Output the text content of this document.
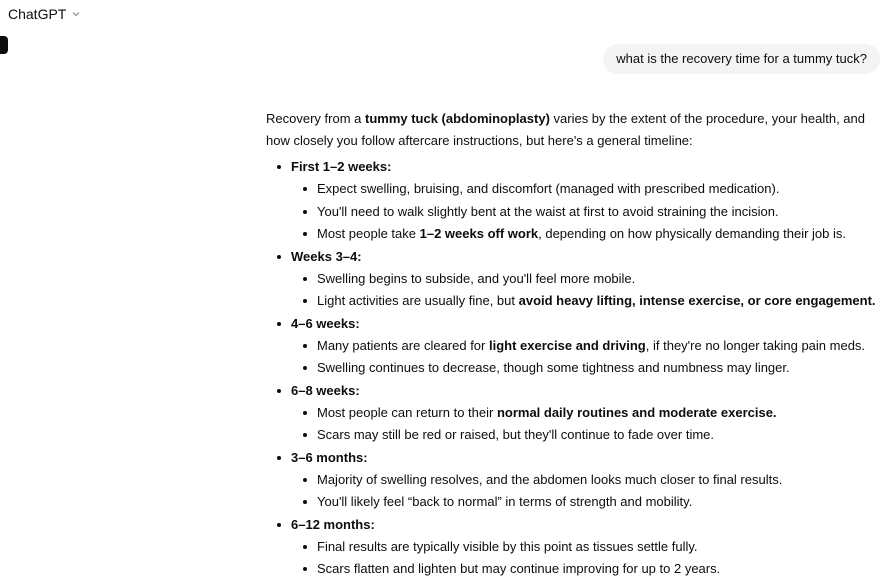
ChatGPT
what is the recovery time for a tummy tuck?

Recovery from a tummy tuck (abdominoplasty) varies by the extent of the procedure, your health, and how closely you follow aftercare instructions, but here's a general timeline:

First 1–2 weeks:
Expect swelling, bruising, and discomfort (managed with prescribed medication).
You'll need to walk slightly bent at the waist at first to avoid straining the incision.
Most people take 1–2 weeks off work, depending on how physically demanding their job is.
Weeks 3–4:
Swelling begins to subside, and you'll feel more mobile.
Light activities are usually fine, but avoid heavy lifting, intense exercise, or core engagement.
4–6 weeks:
Many patients are cleared for light exercise and driving, if they're no longer taking pain meds.
Swelling continues to decrease, though some tightness and numbness may linger.
6–8 weeks:
Most people can return to their normal daily routines and moderate exercise.
Scars may still be red or raised, but they'll continue to fade over time.
3–6 months:
Majority of swelling resolves, and the abdomen looks much closer to final results.
You'll likely feel “back to normal” in terms of strength and mobility.
6–12 months:
Final results are typically visible by this point as tissues settle fully.
Scars flatten and lighten but may continue improving for up to 2 years.
